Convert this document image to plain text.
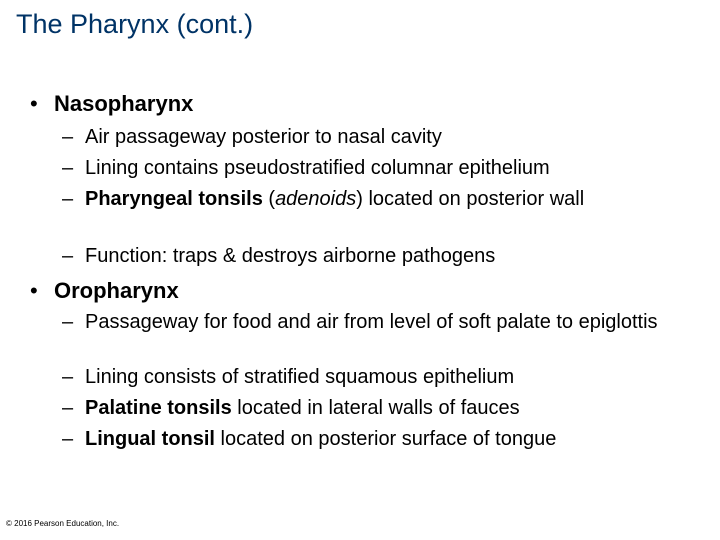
The Pharynx (cont.)
• Nasopharynx
– Air passageway posterior to nasal cavity
– Lining contains pseudostratified columnar epithelium
– Pharyngeal tonsils (adenoids) located on posterior wall
– Function: traps & destroys airborne pathogens
• Oropharynx
– Passageway for food and air from level of soft palate to epiglottis
– Lining consists of stratified squamous epithelium
– Palatine tonsils located in lateral walls of fauces
– Lingual tonsil located on posterior surface of tongue
© 2016 Pearson Education, Inc.
